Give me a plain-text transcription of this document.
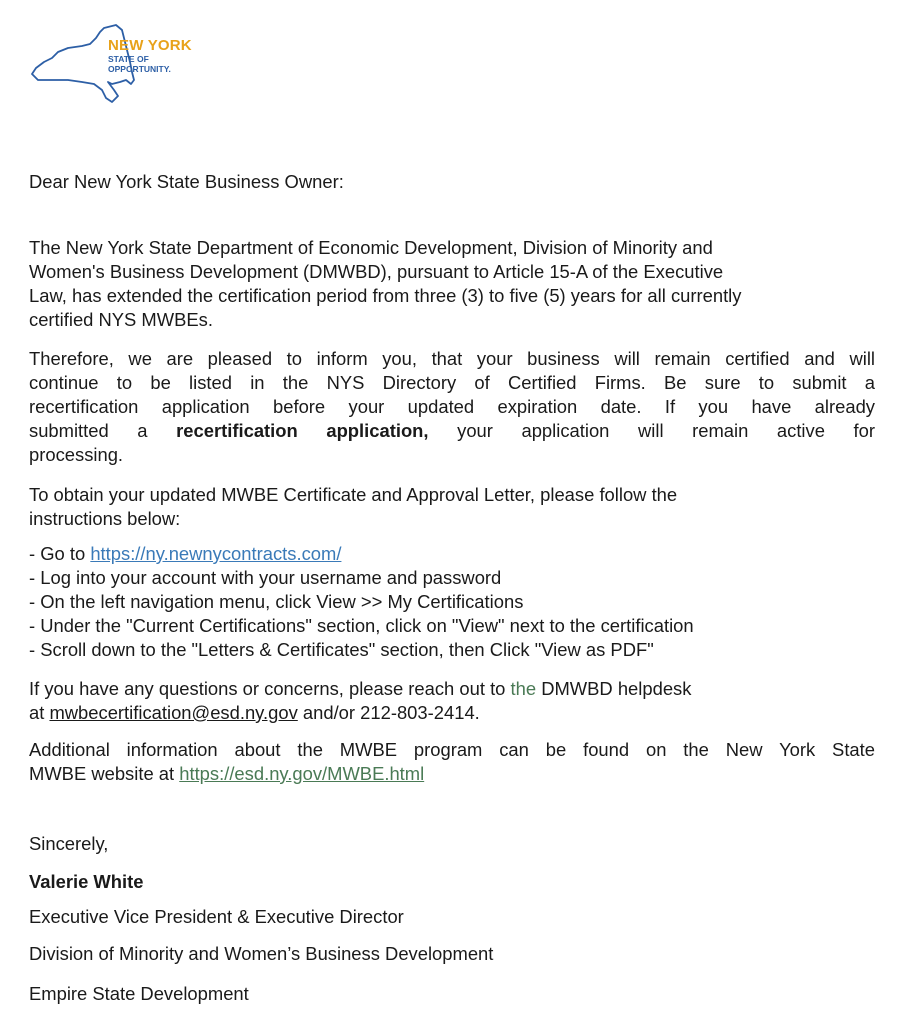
NEW YORK
STATE OF
OPPORTUNITY.

Dear New York State Business Owner:

The New York State Department of Economic Development, Division of Minority and
Women's Business Development (DMWBD), pursuant to Article 15-A of the Executive
Law, has extended the certification period from three (3) to five (5) years for all currently
certified NYS MWBEs.
Therefore, we are pleased to inform you, that your business will remain certified and will
continue to be listed in the NYS Directory of Certified Firms. Be sure to submit a
recertification application before your updated expiration date. If you have already
submitted a recertification application, your application will remain active for
processing.
To obtain your updated MWBE Certificate and Approval Letter, please follow the
instructions below:
- Go to https://ny.newnycontracts.com/
- Log into your account with your username and password
- On the left navigation menu, click View >> My Certifications
- Under the "Current Certifications" section, click on "View" next to the certification
- Scroll down to the "Letters & Certificates" section, then Click "View as PDF"
If you have any questions or concerns, please reach out to the DMWBD helpdesk
at mwbecertification@esd.ny.gov and/or 212-803-2414.
Additional information about the MWBE program can be found on the New York State
MWBE website at https://esd.ny.gov/MWBE.html

Sincerely,

Valerie White

Executive Vice President & Executive Director

Division of Minority and Women’s Business Development

Empire State Development
